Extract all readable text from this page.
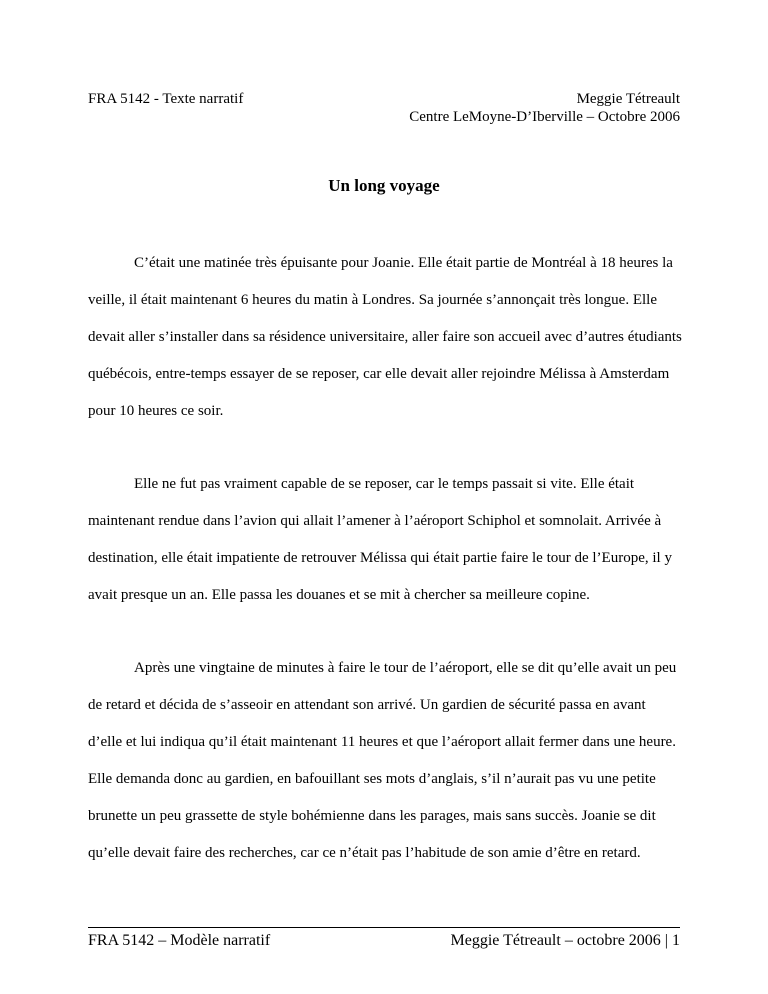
FRA 5142 - Texte narratif	Meggie Tétreault
Centre LeMoyne-D’Iberville – Octobre 2006
Un long voyage

C’était une matinée très épuisante pour Joanie. Elle était partie de Montréal à 18 heures la veille, il était maintenant 6 heures du matin à Londres. Sa journée s’annonçait très longue. Elle devait aller s’installer dans sa résidence universitaire, aller faire son accueil avec d’autres étudiants québécois, entre-temps essayer de se reposer, car elle devait aller rejoindre Mélissa à Amsterdam pour 10 heures ce soir.

Elle ne fut pas vraiment capable de se reposer, car le temps passait si vite. Elle était maintenant rendue dans l’avion qui allait l’amener à l’aéroport Schiphol et somnolait. Arrivée à destination, elle était impatiente de retrouver Mélissa qui était partie faire le tour de l’Europe, il y avait presque un an. Elle passa les douanes et se mit à chercher sa meilleure copine.

Après une vingtaine de minutes à faire le tour de l’aéroport, elle se dit qu’elle avait un peu de retard et décida de s’asseoir en attendant son arrivé. Un gardien de sécurité passa en avant d’elle et lui indiqua qu’il était maintenant 11 heures et que l’aéroport allait fermer dans une heure. Elle demanda donc au gardien, en bafouillant ses mots d’anglais, s’il n’aurait pas vu une petite brunette un peu grassette de style bohémienne dans les parages, mais sans succès. Joanie se dit qu’elle devait faire des recherches, car ce n’était pas l’habitude de son amie d’être en retard.

FRA 5142 – Modèle narratif	Meggie Tétreault – octobre 2006 | 1
